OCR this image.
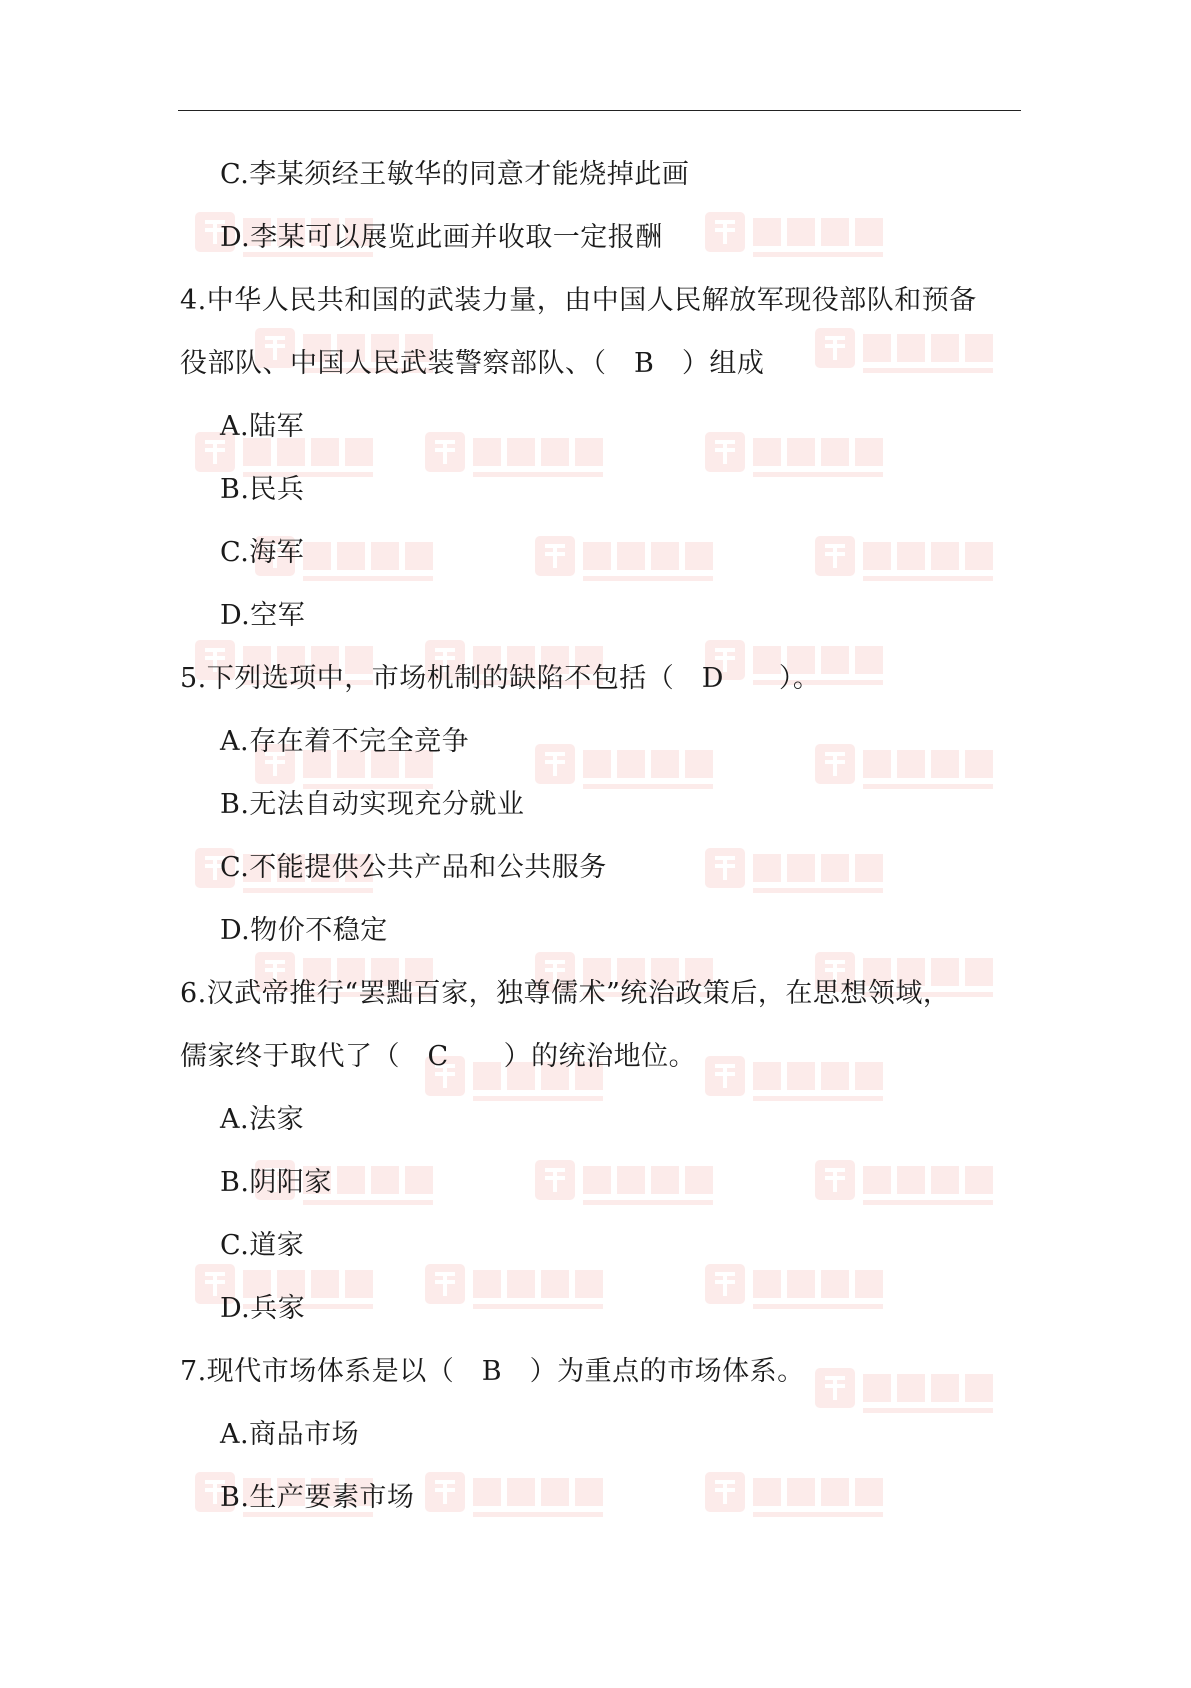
C.李某须经王敏华的同意才能烧掉此画
D.李某可以展览此画并收取一定报酬
4.中华人民共和国的武装力量，由中国人民解放军现役部队和预备
役部队、中国人民武装警察部队、（　B　）组成
A.陆军
B.民兵
C.海军
D.空军
5.下列选项中，市场机制的缺陷不包括（　D　　）。
A.存在着不完全竞争
B.无法自动实现充分就业
C.不能提供公共产品和公共服务
D.物价不稳定
6.汉武帝推行“罢黜百家，独尊儒术”统治政策后，在思想领域，
儒家终于取代了（　C　　）的统治地位。
A.法家
B.阴阳家
C.道家
D.兵家
7.现代市场体系是以（　B　）为重点的市场体系。
A.商品市场
B.生产要素市场
